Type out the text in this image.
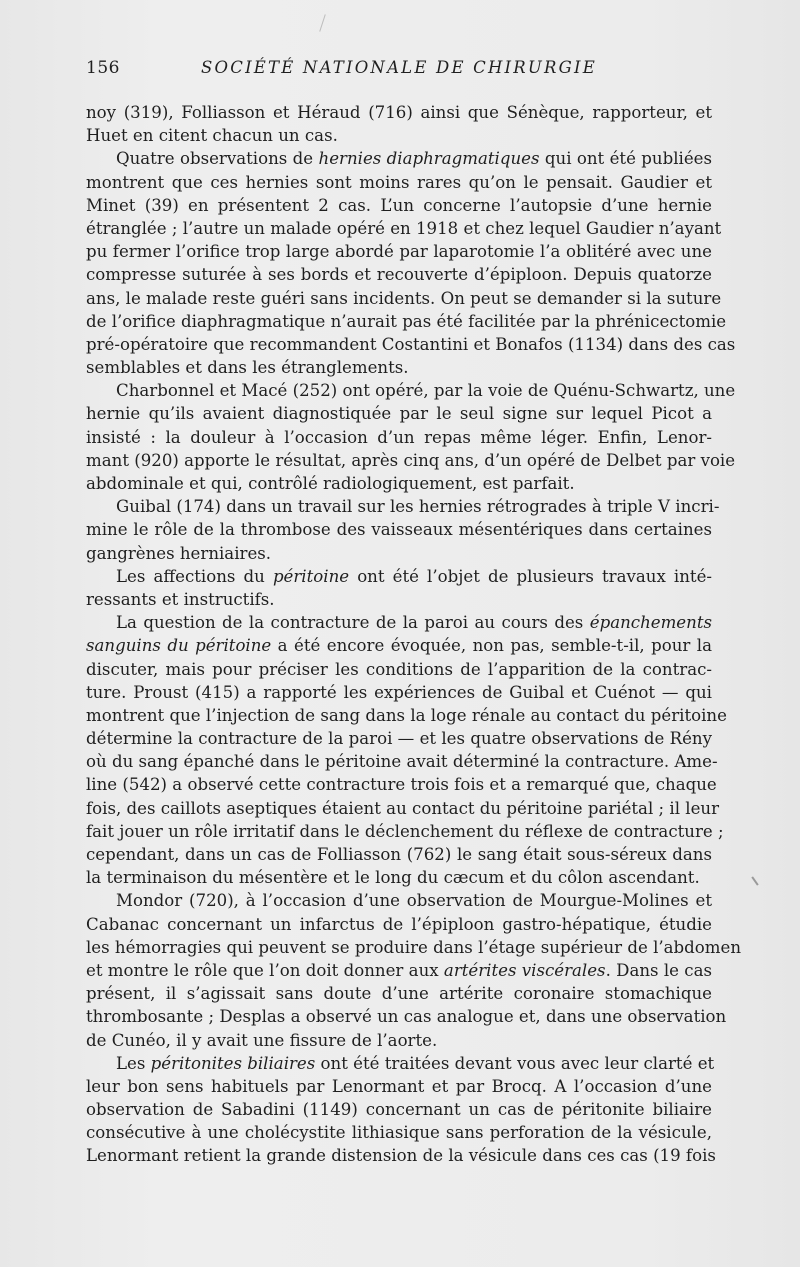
156	SOCIÉTÉ NATIONALE DE CHIRURGIE
noy (319), Folliasson et Héraud (716) ainsi que Sénèque, rapporteur, et
Huet en citent chacun un cas.
Quatre observations de hernies diaphragmatiques qui ont été publiées
montrent que ces hernies sont moins rares qu’on le pensait. Gaudier et
Minet (39) en présentent 2 cas. L’un concerne l’autopsie d’une hernie
étranglée ; l’autre un malade opéré en 1918 et chez lequel Gaudier n’ayant
pu fermer l’orifice trop large abordé par laparotomie l’a oblitéré avec une
compresse suturée à ses bords et recouverte d’épiploon. Depuis quatorze
ans, le malade reste guéri sans incidents. On peut se demander si la suture
de l’orifice diaphragmatique n’aurait pas été facilitée par la phrénicectomie
pré-opératoire que recommandent Costantini et Bonafos (1134) dans des cas
semblables et dans les étranglements.
Charbonnel et Macé (252) ont opéré, par la voie de Quénu-Schwartz, une
hernie qu’ils avaient diagnostiquée par le seul signe sur lequel Picot a
insisté : la douleur à l’occasion d’un repas même léger. Enfin, Lenor-
mant (920) apporte le résultat, après cinq ans, d’un opéré de Delbet par voie
abdominale et qui, contrôlé radiologiquement, est parfait.
Guibal (174) dans un travail sur les hernies rétrogrades à triple V incri-
mine le rôle de la thrombose des vaisseaux mésentériques dans certaines
gangrènes herniaires.
Les affections du péritoine ont été l’objet de plusieurs travaux inté-
ressants et instructifs.
La question de la contracture de la paroi au cours des épanchements
sanguins du péritoine a été encore évoquée, non pas, semble-t-il, pour la
discuter, mais pour préciser les conditions de l’apparition de la contrac-
ture. Proust (415) a rapporté les expériences de Guibal et Cuénot — qui
montrent que l’injection de sang dans la loge rénale au contact du péritoine
détermine la contracture de la paroi — et les quatre observations de Rény
où du sang épanché dans le péritoine avait déterminé la contracture. Ame-
line (542) a observé cette contracture trois fois et a remarqué que, chaque
fois, des caillots aseptiques étaient au contact du péritoine pariétal ; il leur
fait jouer un rôle irritatif dans le déclenchement du réflexe de contracture ;
cependant, dans un cas de Folliasson (762) le sang était sous-séreux dans
la terminaison du mésentère et le long du cæcum et du côlon ascendant.
Mondor (720), à l’occasion d’une observation de Mourgue-Molines et
Cabanac concernant un infarctus de l’épiploon gastro-hépatique, étudie
les hémorragies qui peuvent se produire dans l’étage supérieur de l’abdomen
et montre le rôle que l’on doit donner aux artérites viscérales. Dans le cas
présent, il s’agissait sans doute d’une artérite coronaire stomachique
thrombosante ; Desplas a observé un cas analogue et, dans une observation
de Cunéo, il y avait une fissure de l’aorte.
Les péritonites biliaires ont été traitées devant vous avec leur clarté et
leur bon sens habituels par Lenormant et par Brocq. A l’occasion d’une
observation de Sabadini (1149) concernant un cas de péritonite biliaire
consécutive à une cholécystite lithiasique sans perforation de la vésicule,
Lenormant retient la grande distension de la vésicule dans ces cas (19 fois
